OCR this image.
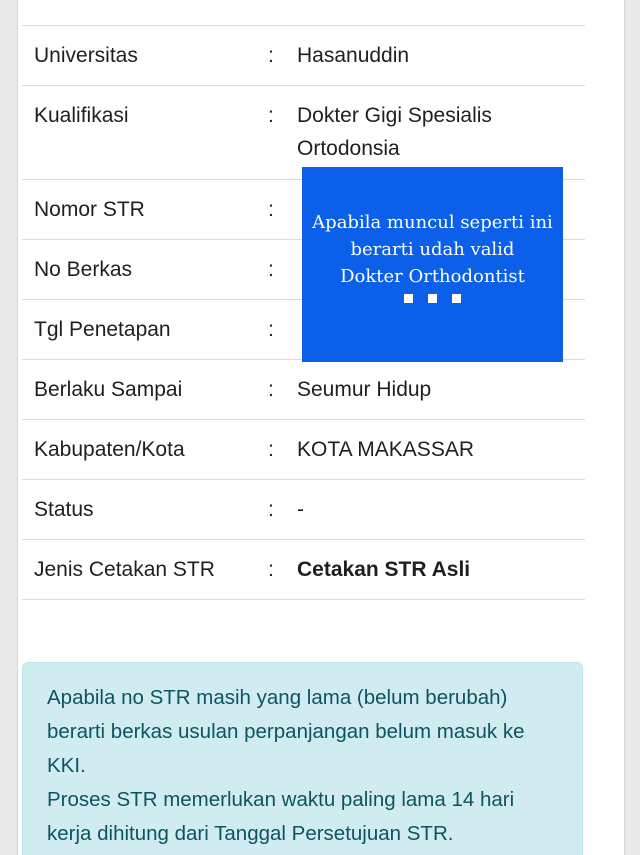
Universitas	: Hasanuddin
Kualifikasi	: Dokter Gigi Spesialis Ortodonsia
Nomor STR	:
No Berkas	:
Tgl Penetapan	:
Berlaku Sampai	: Seumur Hidup
Kabupaten/Kota	: KOTA MAKASSAR
Status	: -
Jenis Cetakan STR	: Cetakan STR Asli

Apabila no STR masih yang lama (belum berubah) berarti berkas usulan perpanjangan belum masuk ke KKI.

Proses STR memerlukan waktu paling lama 14 hari kerja dihitung dari Tanggal Persetujuan STR.

Apabila muncul seperti ini
berarti udah valid
Dokter Orthodontist
